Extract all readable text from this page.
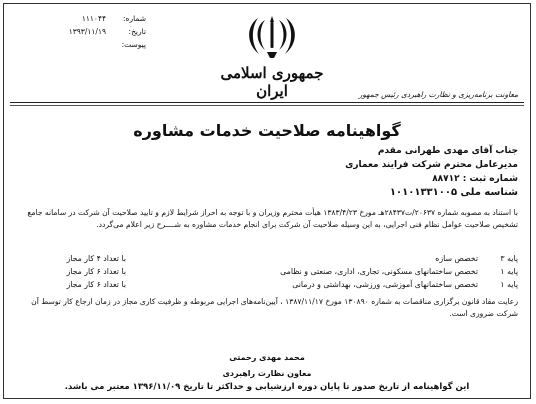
جمهوری اسلامی ایران
شماره:
۱۱۱۰۴۴
تاریخ:
۱۳۹۳/۱۱/۱۹
پیوست:
معاونت برنامه‌ریزی و نظارت راهبردی رئیس جمهور
گواهینامه صلاحیت خدمات مشاوره
جناب آقای مهدی طهرانی مقدم
مدیرعامل محترم شرکت فرایند معماری
شماره ثبت : ۸۸۷۱۲
شناسه ملی ۱۰۱۰۱۳۳۱۰۰۵
با استناد به مصوبه شماره ۲۰۶۳۷/ت۲۸۴۳۷هـ مورخ ۱۳۸۳/۴/۲۳ هیأت محترم وزیران و با توجه به احراز شرایط لازم و تایید صلاحیت آن شرکت در سامانه جامع تشخیص صلاحیت عوامل نظام فنی اجرایی، به این وسیله صلاحیت آن شرکت برای انجام خدمات مشاوره به شــــرح زیر اعلام می‌گردد.
پایه ۳
تخصص سازه
با تعداد ۴ کار مجاز
پایه ۱
تخصص ساختمانهای مسکونی، تجاری، اداری، صنعتی و نظامی
با تعداد ۶ کار مجاز
پایه ۱
تخصص ساختمانهای آموزشی، ورزشی، بهداشتی و درمانی
با تعداد ۶ کار مجاز
رعایت مفاد قانون برگزاری مناقصات به شماره ۱۳۰۸۹۰ مورخ ۱۳۸۷/۱۱/۱۷ ، آیین‌نامه‌های اجرایی مربوطه و ظرفیت کاری مجاز در زمان ارجاع کار توسط آن شرکت ضروری است.
محمد مهدی رحمتی
معاون نظارت راهبردی
این گواهینامه از تاریخ صدور تا پایان دوره ارزشیابی و حداکثر تا تاریخ ۱۳۹۶/۱۱/۰۹ معتبر می باشد.
